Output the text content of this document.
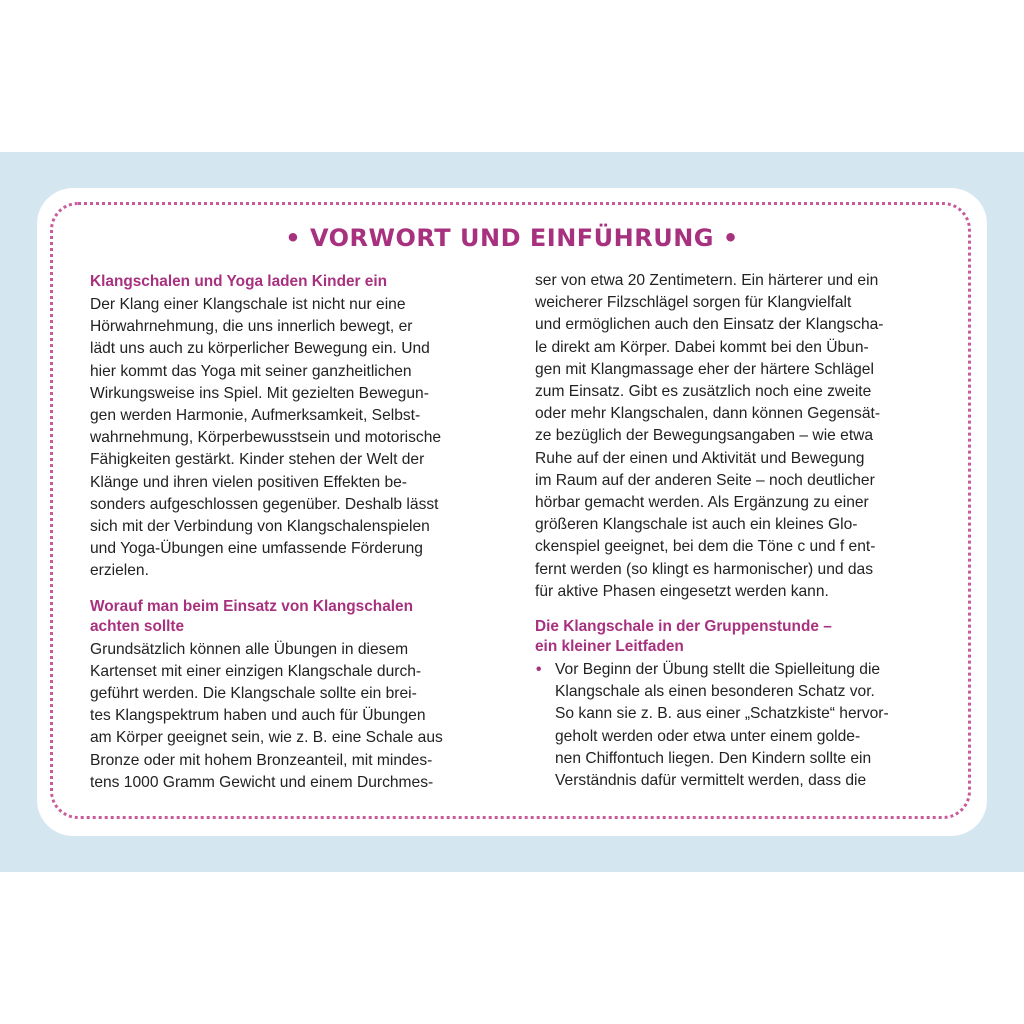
• VORWORT UND EINFÜHRUNG •

Klangschalen und Yoga laden Kinder ein

Der Klang einer Klangschale ist nicht nur eine
Hörwahrnehmung, die uns innerlich bewegt, er
lädt uns auch zu körperlicher Bewegung ein. Und
hier kommt das Yoga mit seiner ganzheitlichen
Wirkungsweise ins Spiel. Mit gezielten Bewegun-
gen werden Harmonie, Aufmerksamkeit, Selbst-
wahrnehmung, Körperbewusstsein und motorische
Fähigkeiten gestärkt. Kinder stehen der Welt der
Klänge und ihren vielen positiven Effekten be-
sonders aufgeschlossen gegenüber. Deshalb lässt
sich mit der Verbindung von Klangschalenspielen
und Yoga-Übungen eine umfassende Förderung
erzielen.
Worauf man beim Einsatz von Klangschalen
achten sollte
Grundsätzlich können alle Übungen in diesem
Kartenset mit einer einzigen Klangschale durch-
geführt werden. Die Klangschale sollte ein brei-
tes Klangspektrum haben und auch für Übungen
am Körper geeignet sein, wie z. B. eine Schale aus
Bronze oder mit hohem Bronzeanteil, mit mindes-
tens 1000 Gramm Gewicht und einem Durchmes-
ser von etwa 20 Zentimetern. Ein härterer und ein
weicherer Filzschlägel sorgen für Klangvielfalt
und ermöglichen auch den Einsatz der Klangscha-
le direkt am Körper. Dabei kommt bei den Übun-
gen mit Klangmassage eher der härtere Schlägel
zum Einsatz. Gibt es zusätzlich noch eine zweite
oder mehr Klangschalen, dann können Gegensät-
ze bezüglich der Bewegungsangaben – wie etwa
Ruhe auf der einen und Aktivität und Bewegung
im Raum auf der anderen Seite – noch deutlicher
hörbar gemacht werden. Als Ergänzung zu einer
größeren Klangschale ist auch ein kleines Glo-
ckenspiel geeignet, bei dem die Töne c und f ent-
fernt werden (so klingt es harmonischer) und das
für aktive Phasen eingesetzt werden kann.
Die Klangschale in der Gruppenstunde –
ein kleiner Leitfaden
• Vor Beginn der Übung stellt die Spielleitung die
Klangschale als einen besonderen Schatz vor.
So kann sie z. B. aus einer „Schatzkiste“ hervor-
geholt werden oder etwa unter einem golde-
nen Chiffontuch liegen. Den Kindern sollte ein
Verständnis dafür vermittelt werden, dass die
